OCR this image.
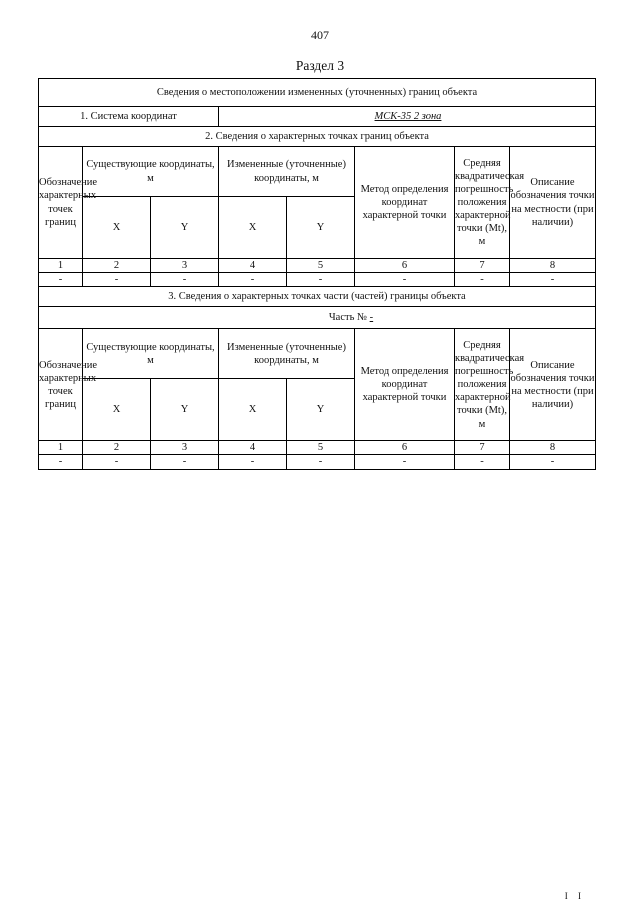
407
Раздел 3
Сведения о местоположении измененных (уточненных) границ объекта							
1. Система координат			МСК-35 2 зона				
2. Сведения о характерных точках границ объекта							
Обозначение характерных точек границ	Существующие координаты, м		Измененные (уточненные) координаты, м		Метод определения координат характерной точки	Средняя квадратическая погрешность положения характерной точки (Mt), м	Описание обозначения точки на местности (при наличии)
	X	Y	X	Y			
1	2	3	4	5	6	7	8
-	-	-	-	-	-	-	-
3. Сведения о характерных точках части (частей) границы объекта							
Часть № -							
Обозначение характерных точек границ	Существующие координаты, м		Измененные (уточненные) координаты, м		Метод определения координат характерной точки	Средняя квадратическая погрешность положения характерной точки (Mt), м	Описание обозначения точки на местности (при наличии)
	X	Y	X	Y			
1	2	3	4	5	6	7	8
-	-	-	-	-	-	-	-
I I
